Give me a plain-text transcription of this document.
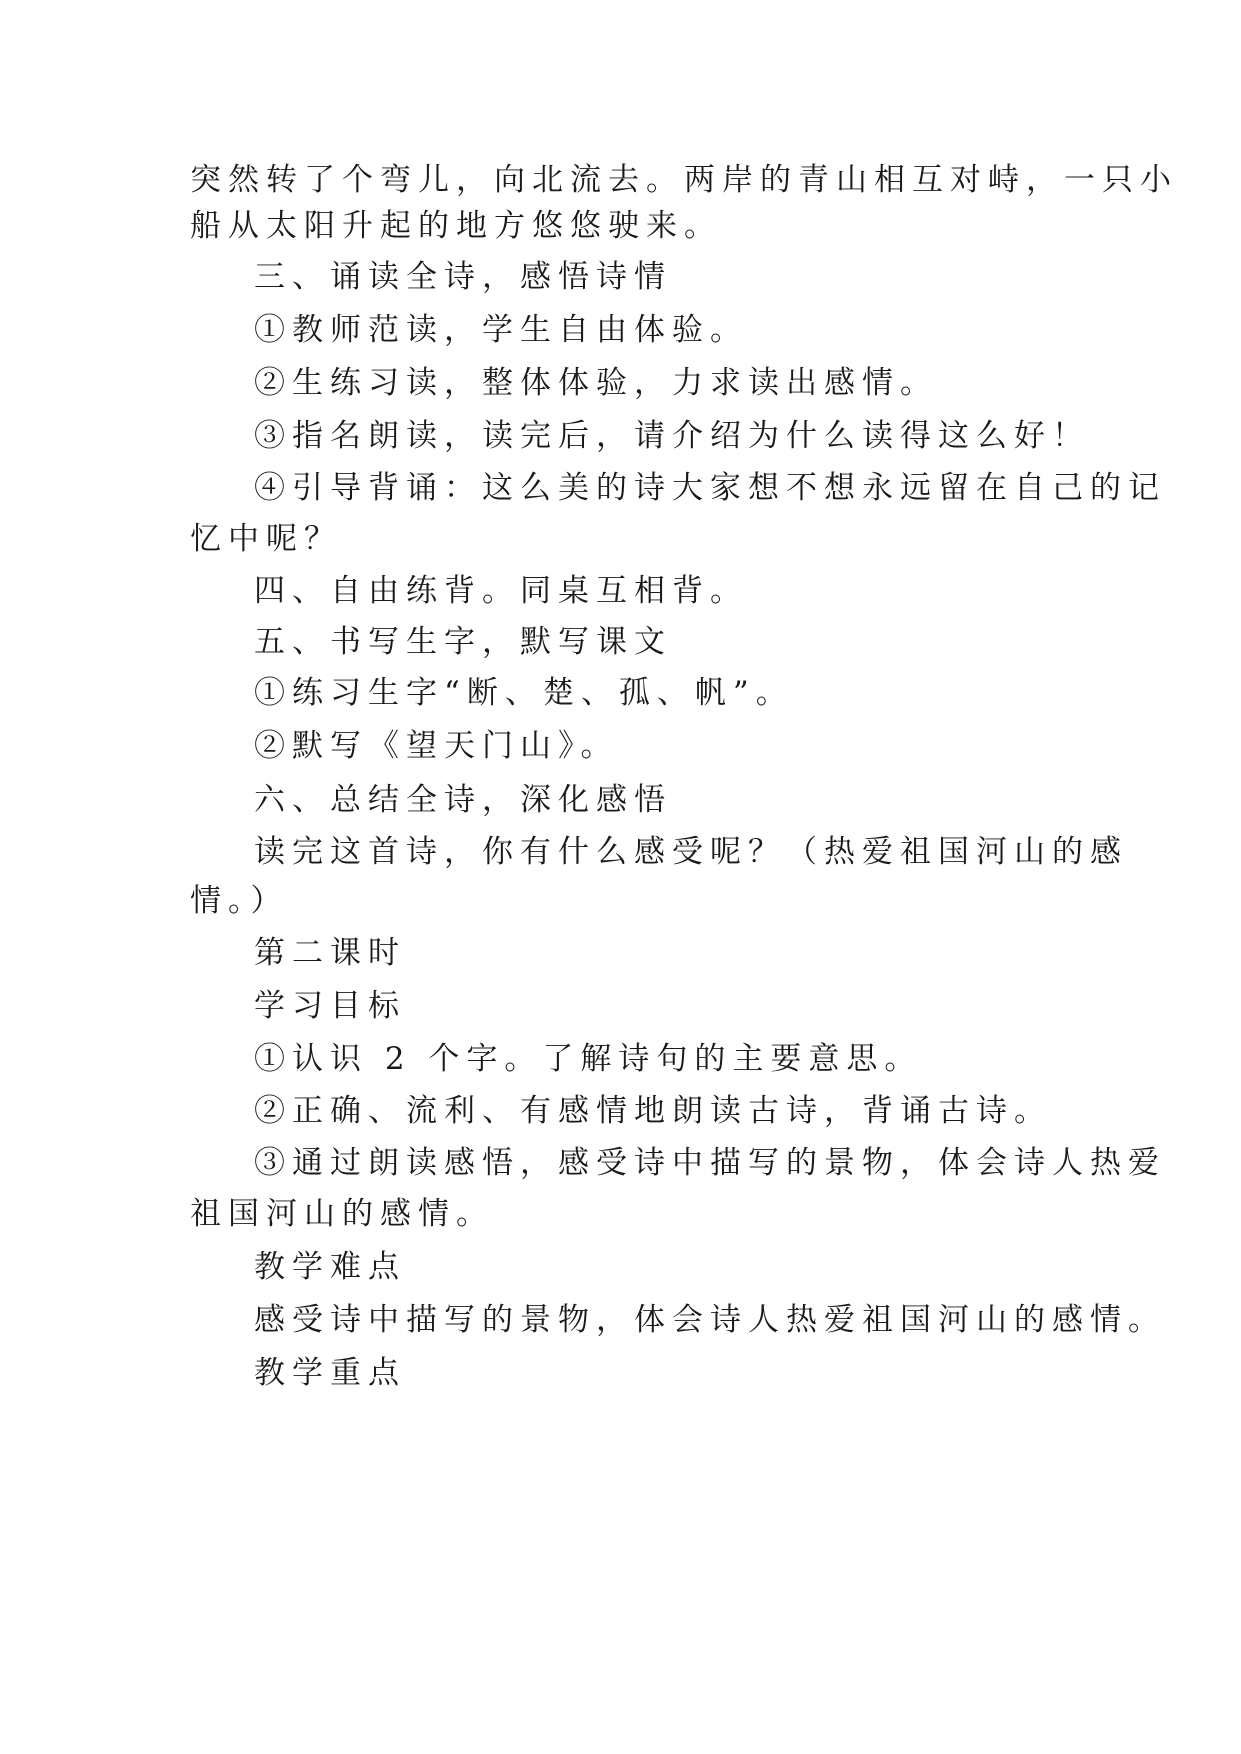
突然转了个弯儿，向北流去。两岸的青山相互对峙，一只小
船从太阳升起的地方悠悠驶来。
三、诵读全诗，感悟诗情
①教师范读，学生自由体验。
②生练习读，整体体验，力求读出感情。
③指名朗读，读完后，请介绍为什么读得这么好！
④引导背诵：这么美的诗大家想不想永远留在自己的记
忆中呢？
四、自由练背。同桌互相背。
五、书写生字，默写课文
①练习生字“断、楚、孤、帆”。
②默写《望天门山》。
六、总结全诗，深化感悟
读完这首诗，你有什么感受呢？（热爱祖国河山的感
情。）
第二课时
学习目标
①认识 2 个字。了解诗句的主要意思。
②正确、流利、有感情地朗读古诗，背诵古诗。
③通过朗读感悟，感受诗中描写的景物，体会诗人热爱
祖国河山的感情。
教学难点
感受诗中描写的景物，体会诗人热爱祖国河山的感情。
教学重点
